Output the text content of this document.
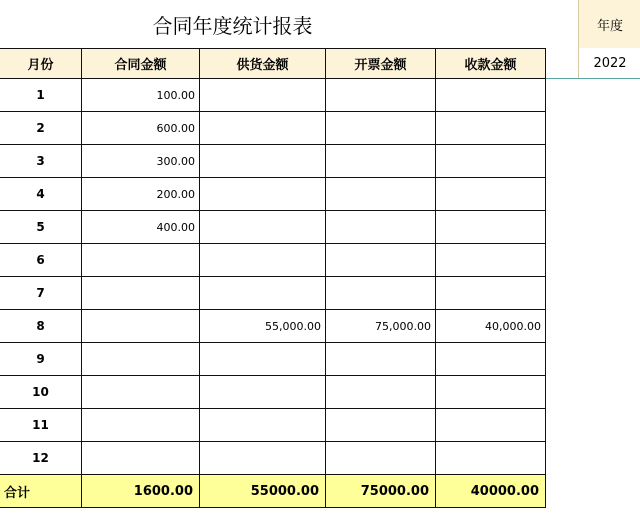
合同年度统计报表	年度
2022
月份	合同金额	供货金额	开票金额	收款金额
1	100.00			
2	600.00			
3	300.00			
4	200.00			
5	400.00			
6				
7				
8		55,000.00	75,000.00	40,000.00
9				
10				
11				
12				
合计	1600.00	55000.00	75000.00	40000.00
